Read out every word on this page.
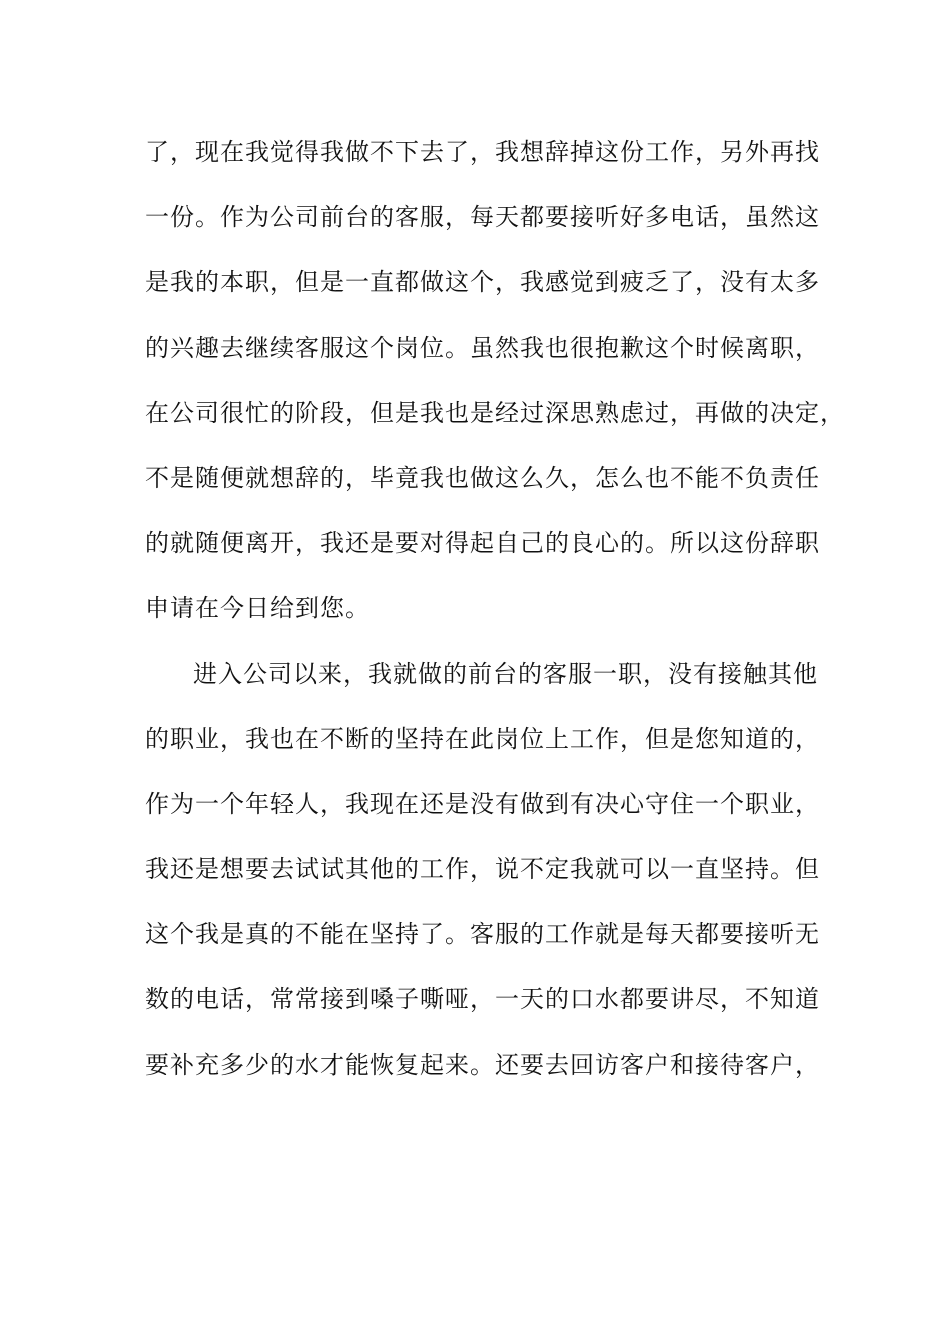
了，现在我觉得我做不下去了，我想辞掉这份工作，另外再找
一份。作为公司前台的客服，每天都要接听好多电话，虽然这
是我的本职，但是一直都做这个，我感觉到疲乏了，没有太多
的兴趣去继续客服这个岗位。虽然我也很抱歉这个时候离职，
在公司很忙的阶段，但是我也是经过深思熟虑过，再做的决定，
不是随便就想辞的，毕竟我也做这么久，怎么也不能不负责任
的就随便离开，我还是要对得起自己的良心的。所以这份辞职
申请在今日给到您。
进入公司以来，我就做的前台的客服一职，没有接触其他
的职业，我也在不断的坚持在此岗位上工作，但是您知道的，
作为一个年轻人，我现在还是没有做到有决心守住一个职业，
我还是想要去试试其他的工作，说不定我就可以一直坚持。但
这个我是真的不能在坚持了。客服的工作就是每天都要接听无
数的电话，常常接到嗓子嘶哑，一天的口水都要讲尽，不知道
要补充多少的水才能恢复起来。还要去回访客户和接待客户，
